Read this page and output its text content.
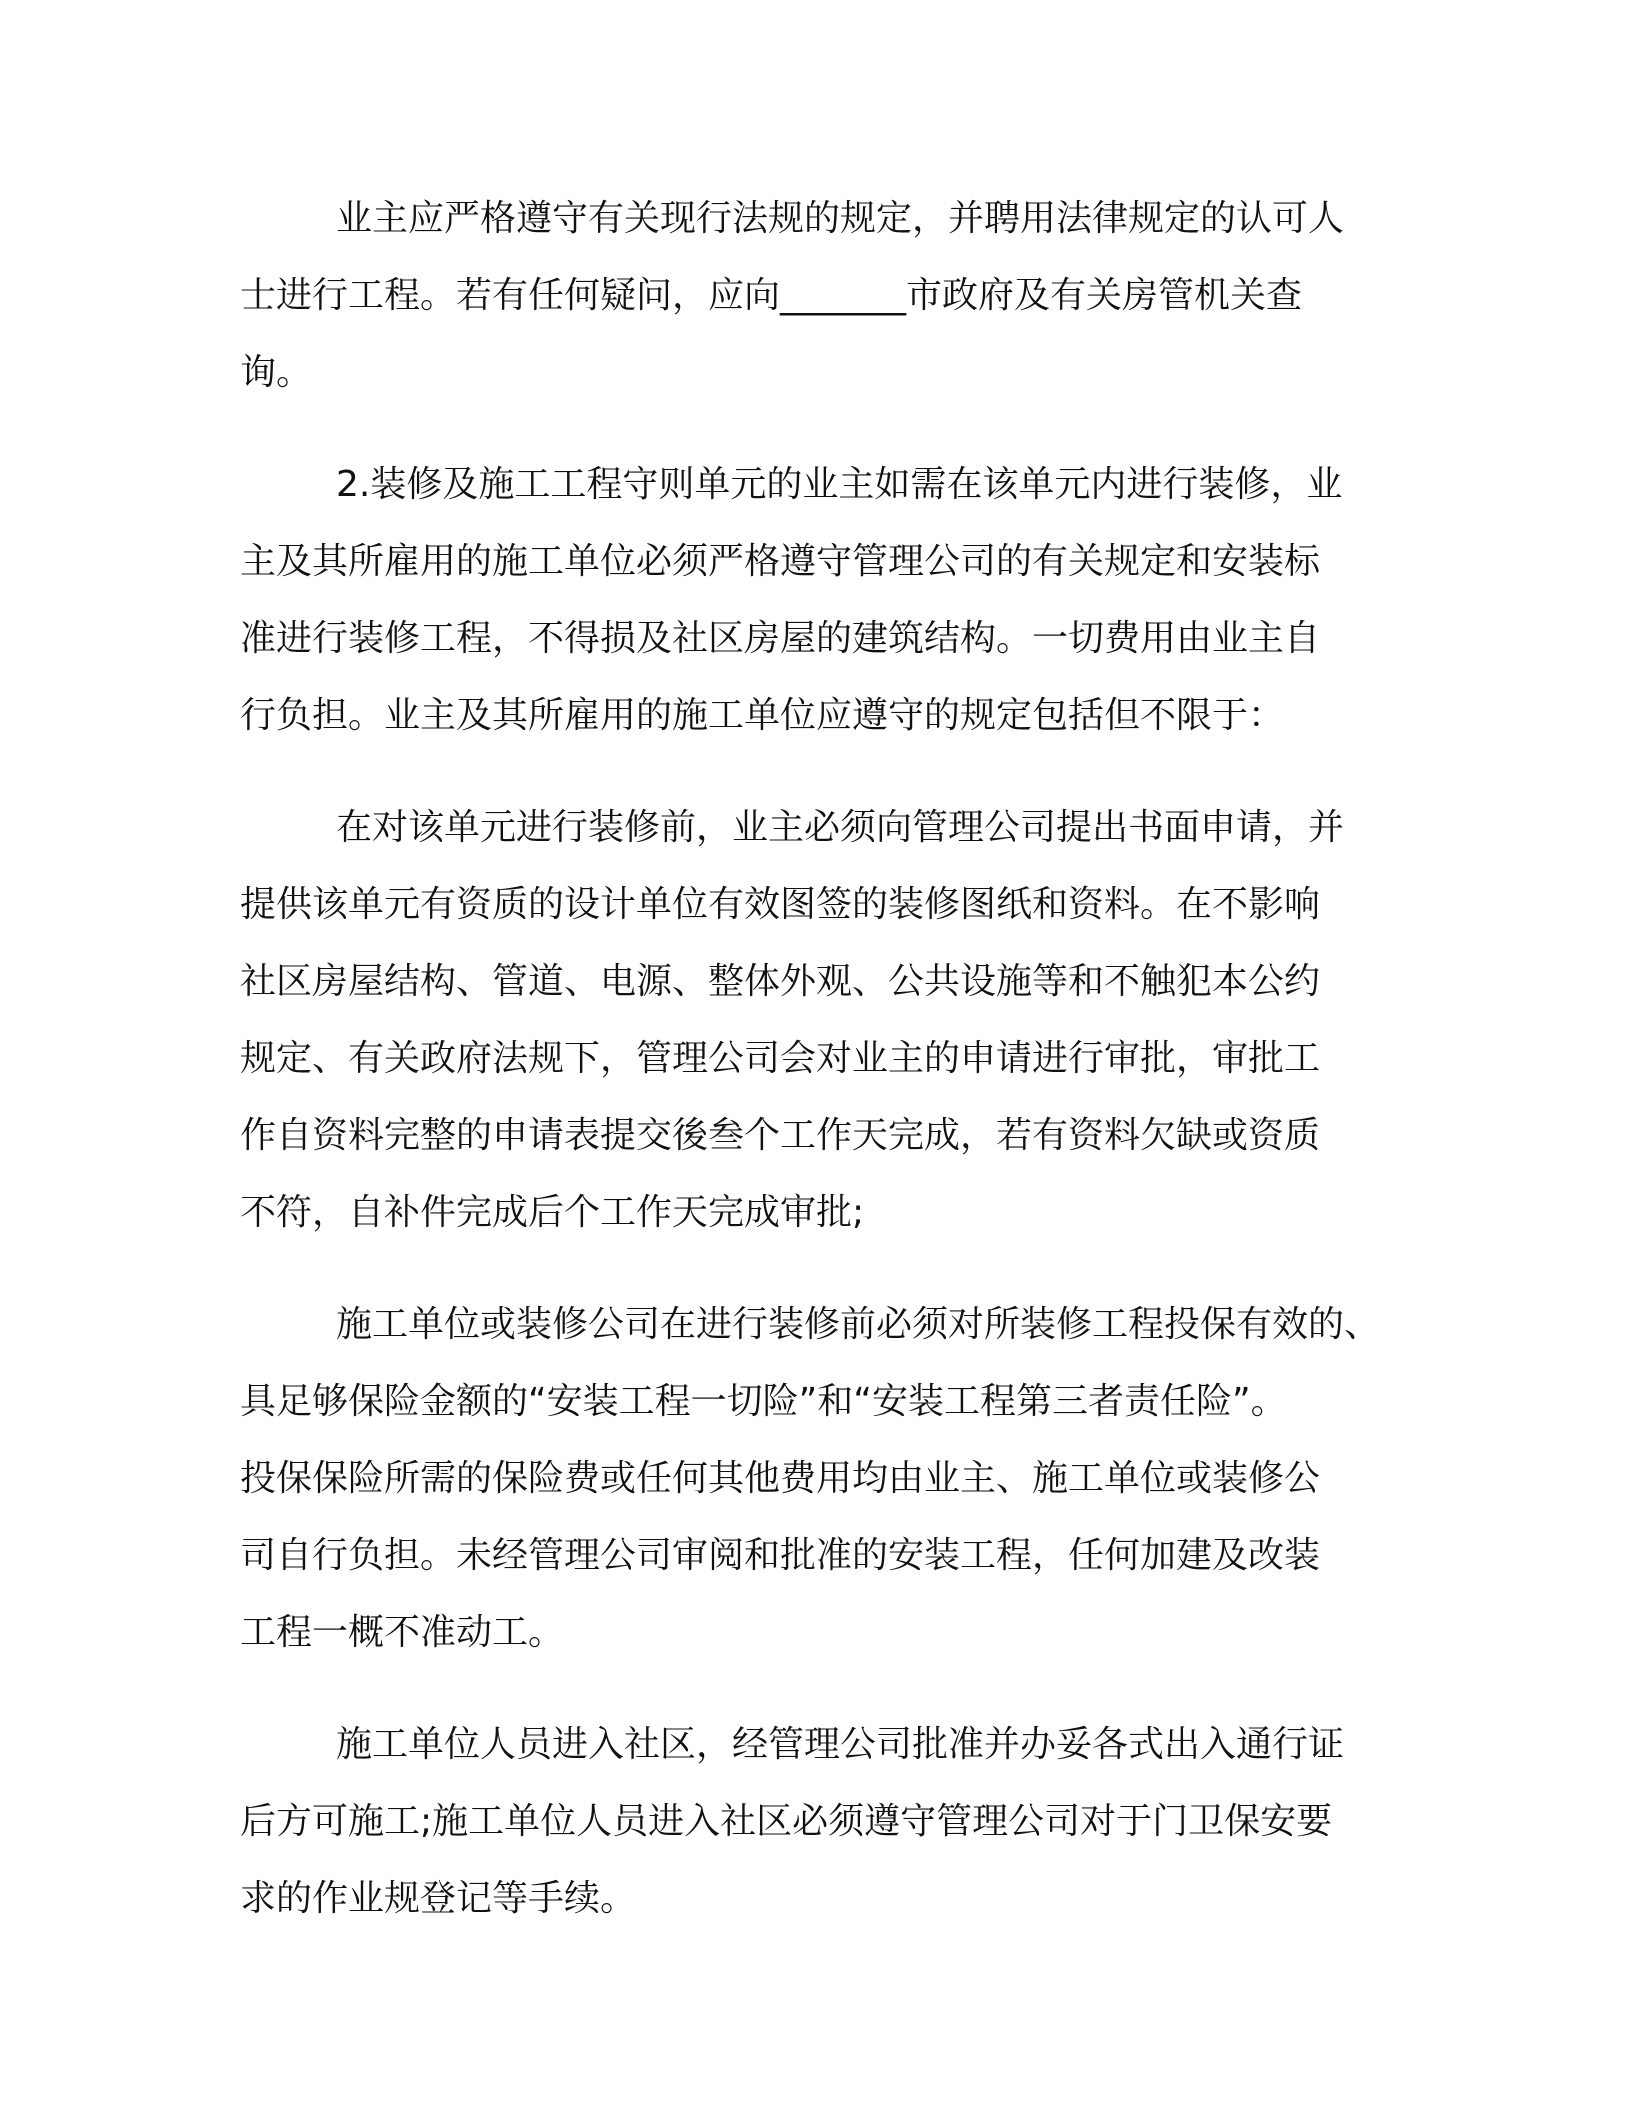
业主应严格遵守有关现行法规的规定，并聘用法律规定的认可人
士进行工程。若有任何疑问，应向_______市政府及有关房管机关查
询。
2.装修及施工工程守则单元的业主如需在该单元内进行装修，业
主及其所雇用的施工单位必须严格遵守管理公司的有关规定和安装标
准进行装修工程，不得损及社区房屋的建筑结构。一切费用由业主自
行负担。业主及其所雇用的施工单位应遵守的规定包括但不限于：
在对该单元进行装修前，业主必须向管理公司提出书面申请，并
提供该单元有资质的设计单位有效图签的装修图纸和资料。在不影响
社区房屋结构、管道、电源、整体外观、公共设施等和不触犯本公约
规定、有关政府法规下，管理公司会对业主的申请进行审批，审批工
作自资料完整的申请表提交後叁个工作天完成，若有资料欠缺或资质
不符，自补件完成后个工作天完成审批;
施工单位或装修公司在进行装修前必须对所装修工程投保有效的、
具足够保险金额的“安装工程一切险”和“安装工程第三者责任险”。
投保保险所需的保险费或任何其他费用均由业主、施工单位或装修公
司自行负担。未经管理公司审阅和批准的安装工程，任何加建及改装
工程一概不准动工。
施工单位人员进入社区，经管理公司批准并办妥各式出入通行证
后方可施工;施工单位人员进入社区必须遵守管理公司对于门卫保安要
求的作业规登记等手续。
